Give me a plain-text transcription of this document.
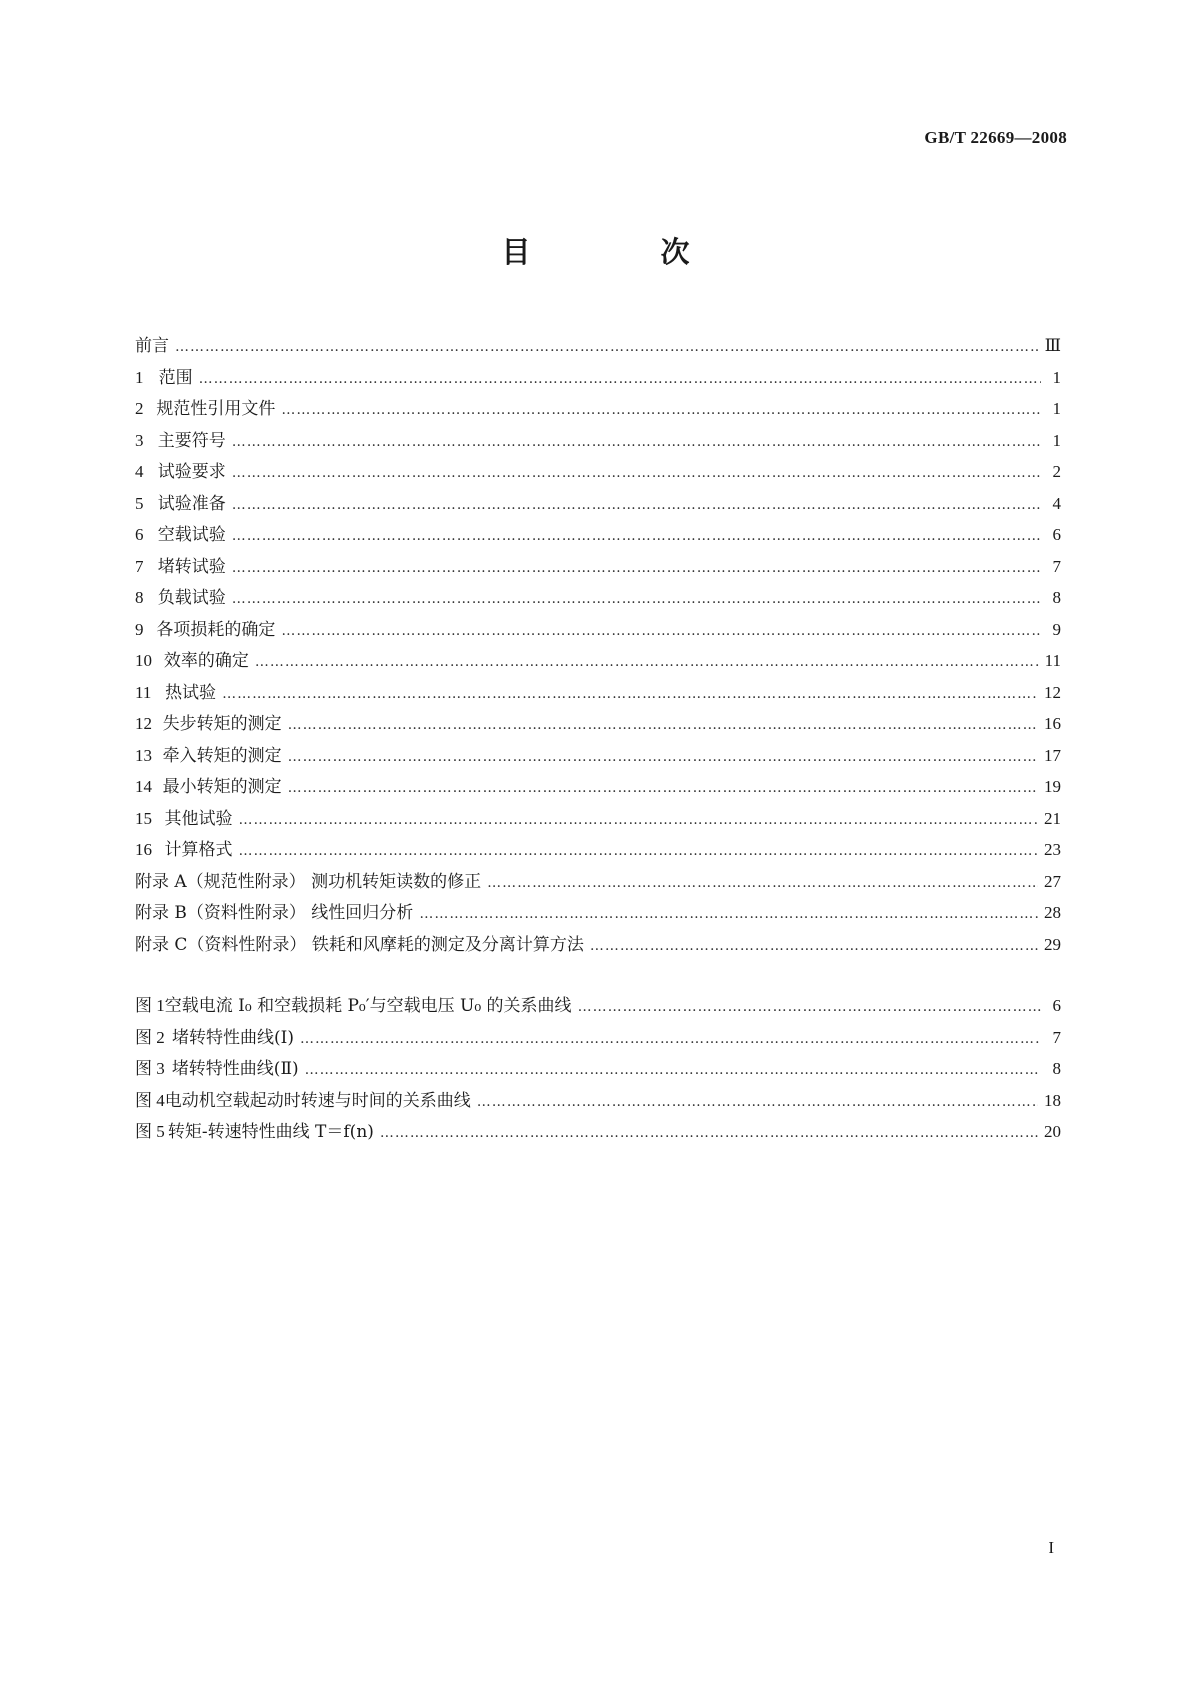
GB/T 22669—2008
目 次
前言 …………………………………………………………………………………………………………………………………………………………………………………………………………	Ⅲ
1 范围 …………………………………………………………………………………………………………………………………………………………………………………………………………	1
2 规范性引用文件 …………………………………………………………………………………………………………………………………………………………………………………………………………	1
3 主要符号 …………………………………………………………………………………………………………………………………………………………………………………………………………	1
4 试验要求 …………………………………………………………………………………………………………………………………………………………………………………………………………	2
5 试验准备 …………………………………………………………………………………………………………………………………………………………………………………………………………	4
6 空载试验 …………………………………………………………………………………………………………………………………………………………………………………………………………	6
7 堵转试验 …………………………………………………………………………………………………………………………………………………………………………………………………………	7
8 负载试验 …………………………………………………………………………………………………………………………………………………………………………………………………………	8
9 各项损耗的确定 …………………………………………………………………………………………………………………………………………………………………………………………………………	9
10 效率的确定 …………………………………………………………………………………………………………………………………………………………………………………………………………	11
11 热试验 …………………………………………………………………………………………………………………………………………………………………………………………………………	12
12 失步转矩的测定 …………………………………………………………………………………………………………………………………………………………………………………………………………	16
13 牵入转矩的测定 …………………………………………………………………………………………………………………………………………………………………………………………………………	17
14 最小转矩的测定 …………………………………………………………………………………………………………………………………………………………………………………………………………	19
15 其他试验 …………………………………………………………………………………………………………………………………………………………………………………………………………	21
16 计算格式 …………………………………………………………………………………………………………………………………………………………………………………………………………	23
附录 A（规范性附录） 测功机转矩读数的修正 …………………………………………………………………………………………………………………………………………………………………………………………………………	27
附录 B（资料性附录） 线性回归分析 …………………………………………………………………………………………………………………………………………………………………………………………………………	28
附录 C（资料性附录） 铁耗和风摩耗的测定及分离计算方法 …………………………………………………………………………………………………………………………………………………………………………………………………………	29
图 1 空载电流 I₀ 和空载损耗 P₀′与空载电压 U₀ 的关系曲线 …………………………………………………………………………………………………………………………………………………………………………………………………………	6
图 2 堵转特性曲线(Ⅰ) …………………………………………………………………………………………………………………………………………………………………………………………………………	7
图 3 堵转特性曲线(Ⅱ) …………………………………………………………………………………………………………………………………………………………………………………………………………	8
图 4 电动机空载起动时转速与时间的关系曲线 …………………………………………………………………………………………………………………………………………………………………………………………………………	18
图 5 转矩-转速特性曲线 T＝f(n) …………………………………………………………………………………………………………………………………………………………………………………………………………	20
I
